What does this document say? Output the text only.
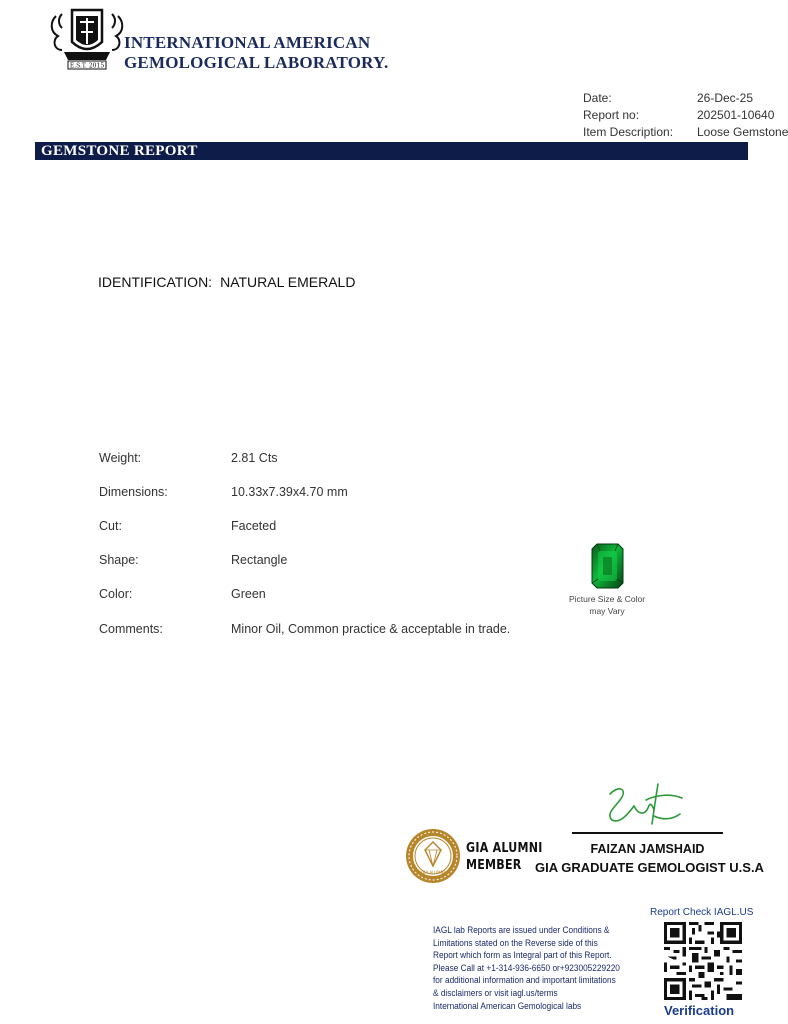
E.S.T. 2015
INTERNATIONAL AMERICAN
GEMOLOGICAL LABORATORY.
Date:	26-Dec-25
Report no:	202501-10640
Item Description: Loose Gemstone
GEMSTONE REPORT
IDENTIFICATION: NATURAL EMERALD
Weight:	2.81 Cts
Dimensions:	10.33x7.39x4.70 mm
Cut:	Faceted
Shape:	Rectangle
Color:	Green
Comments:	Minor Oil, Common practice & acceptable in trade.
Picture Size & Color
may Vary
FAIZAN JAMSHAID
GIA GRADUATE GEMOLOGIST U.S.A
GIA ALUMNI
GIA ALUMNI
MEMBER
IAGL lab Reports are issued under Conditions &
Limitations stated on the Reverse side of this
Report which form as Integral part of this Report.
Please Call at +1-314-936-6650 or+923005229220
for additional information and important limitations
& disclaimers or visit iagl.us/terms
International American Gemological labs
Report Check IAGL.US
Verification
